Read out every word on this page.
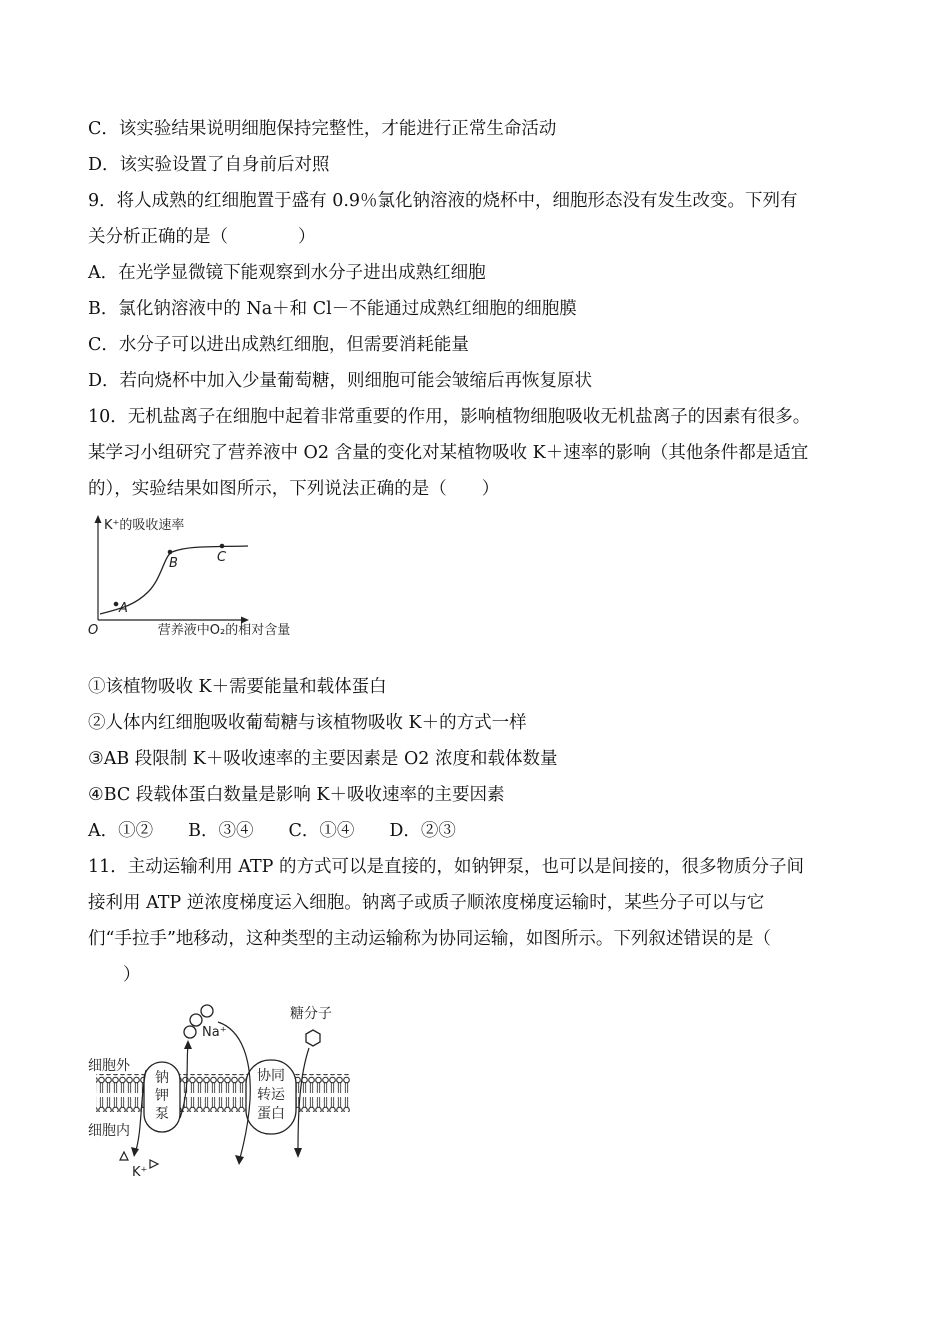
C．该实验结果说明细胞保持完整性，才能进行正常生命活动
D．该实验设置了自身前后对照
9．将人成熟的红细胞置于盛有 0.9％氯化钠溶液的烧杯中，细胞形态没有发生改变。下列有
关分析正确的是（　　　　）
A．在光学显微镜下能观察到水分子进出成熟红细胞
B．氯化钠溶液中的 Na＋和 Cl－不能通过成熟红细胞的细胞膜
C．水分子可以进出成熟红细胞，但需要消耗能量
D．若向烧杯中加入少量葡萄糖，则细胞可能会皱缩后再恢复原状
10．无机盐离子在细胞中起着非常重要的作用，影响植物细胞吸收无机盐离子的因素有很多。
某学习小组研究了营养液中 O2 含量的变化对某植物吸收 K＋速率的影响（其他条件都是适宜
的），实验结果如图所示，下列说法正确的是（　　）
①该植物吸收 K＋需要能量和载体蛋白
②人体内红细胞吸收葡萄糖与该植物吸收 K＋的方式一样
③AB 段限制 K＋吸收速率的主要因素是 O2 浓度和载体数量
④BC 段载体蛋白数量是影响 K＋吸收速率的主要因素
A．①②　　B．③④　　C．①④　　D．②③
11．主动运输利用 ATP 的方式可以是直接的，如钠钾泵，也可以是间接的，很多物质分子间
接利用 ATP 逆浓度梯度运入细胞。钠离子或质子顺浓度梯度运输时，某些分子可以与它
们“手拉手”地移动，这种类型的主动运输称为协同运输，如图所示。下列叙述错误的是（
　　）
K⁺的吸收速率
营养液中O₂的相对含量
O
A
B	C
钠
钾
泵
协同
转运
蛋白
细胞外
细胞内
Na⁺
K⁺
糖分子
